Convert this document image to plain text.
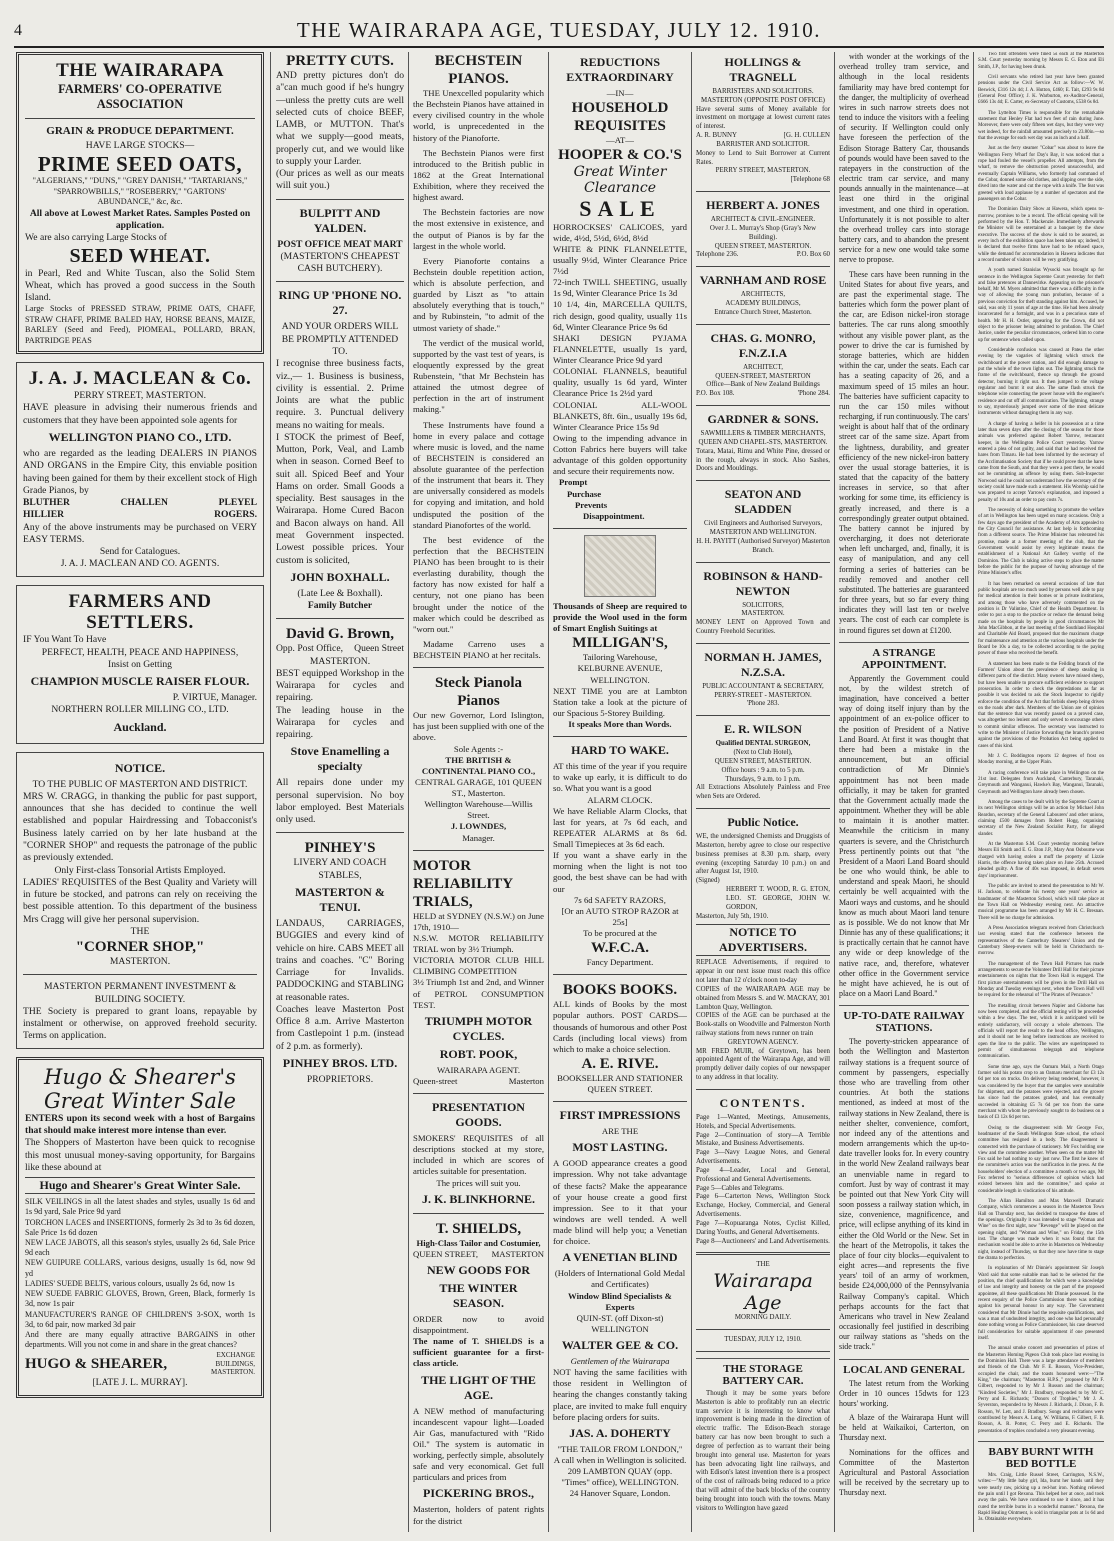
4	THE WAIRARAPA AGE, TUESDAY, JULY 12. 1910.
THE WAIRARAPA
FARMERS' CO-OPERATIVE ASSOCIATION
GRAIN & PRODUCE DEPARTMENT.
HAVE LARGE STOCKS—
PRIME SEED OATS,
"ALGERIANS," "DUNS," "GREY DANISH," "TARTARIANS," "SPARROWBILLS," "ROSEBERRY," "GARTONS' ABUNDANCE," &c, &c.
All above at Lowest Market Rates. Samples Posted on application.
We are also carrying Large Stocks of
SEED WHEAT.
in Pearl, Red and White Tuscan, also the Solid Stem Wheat, which has proved a good success in the South Island.
Large Stocks of PRESSED STRAW, PRIME OATS, CHAFF, STRAW CHAFF, PRIME BALED HAY, HORSE BEANS, MAIZE, BARLEY (Seed and Feed), PIOMEAL, POLLARD, BRAN, PARTRIDGE PEAS
J. A. J. MACLEAN & Co.
PERRY STREET, MASTERTON.
HAVE pleasure in advising their numerous friends and customers that they have been appointed sole agents for
WELLINGTON PIANO CO., LTD.
who are regarded as the leading DEALERS IN PIANOS AND ORGANS in the Empire City, this enviable position having been gained for them by their excellent stock of High Grade Pianos, by
BLUTHER	CHALLEN	PLEYEL
HILLIER	ROGERS.
Any of the above instruments may be purchased on VERY EASY TERMS.
Send for Catalogues.
J. A. J. MACLEAN AND CO. AGENTS.
FARMERS AND SETTLERS.
IF You Want To Have
PERFECT, HEALTH, PEACE AND HAPPINESS,
Insist on Getting
CHAMPION MUSCLE RAISER FLOUR.
P. VIRTUE, Manager.
NORTHERN ROLLER MILLING CO., LTD.
Auckland.
NOTICE.
TO THE PUBLIC OF MASTERTON AND DISTRICT.
MRS W. CRAGG, in thanking the public for past support, announces that she has decided to continue the well established and popular Hairdressing and Tobacconist's Business lately carried on by her late husband at the "CORNER SHOP" and requests the patronage of the public as previously extended.
Only First-class Tonsorial Artists Employed.
LADIES' REQUISITES of the Best Quality and Variety will in future be stocked, and patrons can rely on receiving the best possible attention. To this department of the business Mrs Cragg will give her personal supervision.
THE
"CORNER SHOP,"
MASTERTON.
MASTERTON PERMANENT INVESTMENT & BUILDING SOCIETY.
THE Society is prepared to grant loans, repayable by instalment or otherwise, on approved freehold security. Terms on application.
Hugo & Shearer's
Great Winter Sale
ENTERS upon its second week with a host of Bargains that should make interest more intense than ever.
The Shoppers of Masterton have been quick to recognise this most unusual money-saving opportunity, for Bargains like these abound at
Hugo and Shearer's Great Winter Sale.
SILK VEILINGS in all the latest shades and styles, usually 1s 6d and 1s 9d yard, Sale Price 9d yard
TORCHON LACES and INSERTIONS, formerly 2s 3d to 3s 6d dozen, Sale Price 1s 6d dozen
NEW LACE JABOTS, all this season's styles, usually 2s 6d, Sale Price 9d each
NEW GUIPURE COLLARS, various designs, usually 1s 6d, now 9d yd
LADIES' SUEDE BELTS, various colours, usually 2s 6d, now 1s
NEW SUEDE FABRIC GLOVES, Brown, Green, Black, formerly 1s 3d, now 1s pair
MANUFACTURER'S RANGE OF CHILDREN'S 3-SOX, worth 1s 3d, to 6d pair, now marked 3d pair
And there are many equally attractive BARGAINS in other departments. Will you not come in and share in the great chances?
HUGO & SHEARER,
EXCHANGE BUILDINGS, MASTERTON.
[LATE J. L. MURRAY].
PRETTY CUTS.
AND pretty pictures don't do a"can much good if he's hungry—unless the pretty cuts are well selected cuts of choice BEEF, LAMB, or MUTTON. That's what we supply—good meats, properly cut, and we would like to supply your Larder.
(Our prices as well as our meats will suit you.)
BULPITT AND YALDEN.
POST OFFICE MEAT MART
(MASTERTON'S CHEAPEST CASH BUTCHERY).
RING UP 'PHONE NO. 27.
AND YOUR ORDERS WILL BE PROMPTLY ATTENDED TO.
I recognise three business facts, viz.,— 1. Business is business, civility is essential. 2. Prime Joints are what the public require. 3. Punctual delivery means no waiting for meals.
I STOCK the primest of Beef, Mutton, Pork, Veal, and Lamb when in season. Corned Beef to suit all. Spiced Beef and Your Hams on order. Small Goods a speciality. Best sausages in the Wairarapa. Home Cured Bacon and Bacon always on hand. All meat Government inspected. Lowest possible prices. Your custom is solicited,
JOHN BOXHALL.
(Late Lee & Boxhall).
Family Butcher
David G. Brown,
Opp. Post Office, Queen Street
MASTERTON.
BEST equipped Workshop in the Wairarapa for cycles and repairing.
The leading house in the Wairarapa for cycles and repairing.
Stove Enamelling a specialty
All repairs done under my personal supervision. No boy labor employed. Best Materials only used.
PINHEY'S
LIVERY AND COACH STABLES,
MASTERTON & TENUI.
LANDAUS, CARRIAGES, BUGGIES and every kind of vehicle on hire. CABS MEET all trains and coaches. "C" Boring Carriage for Invalids. PADDOCKING and STABLING at reasonable rates.
Coaches leave Masterton Post Office 8 a.m. Arrive Masterton from Castlepoint 1 p.m. (instead of 2 p.m. as formerly).
PINHEY BROS. LTD.
PROPRIETORS.
BECHSTEIN PIANOS.
THE Unexcelled popularity which the Bechstein Pianos have attained in every civilised country in the whole world, is unprecedented in the history of the Pianoforte.
The Bechstein Pianos were first introduced to the British public in 1862 at the Great International Exhibition, where they received the highest award.
The Bechstein factories are now the most extensive in existence, and the output of Pianos is by far the largest in the whole world.
Every Pianoforte contains a Bechstein double repetition action, which is absolute perfection, and guarded by Liszt as "to attain absolutely everything that is touch," and by Rubinstein, "to admit of the utmost variety of shade."
The verdict of the musical world, supported by the vast test of years, is eloquently expressed by the great Rubenstein, "that Mr Bechstein has attained the utmost degree of perfection in the art of instrument making."
These Instruments have found a home in every palace and cottage where music is loved, and the name of BECHSTEIN is considered an absolute guarantee of the perfection of the instrument that bears it. They are universally considered as models for copying and imitation, and hold undisputed the position of the standard Pianofortes of the world.
The best evidence of the perfection that the BECHSTEIN PIANO has been brought to is their everlasting durability, though the factory has now existed for half a century, not one piano has been brought under the notice of the maker which could be described as "worn out."
Madame Carreno uses a BECHSTEIN PIANO at her recitals.
Steck Pianola Pianos
Our new Governor, Lord Islington, has just been supplied with one of the above.
Sole Agents :-
THE BRITISH & CONTINENTAL PIANO CO.,
CENTRAL GARAGE, 101 QUEEN ST., Masterton.
Wellington Warehouse—Willis Street.
J. LOWNDES,
Manager.
MOTOR
RELIABILITY
TRIALS,
HELD at SYDNEY (N.S.W.) on June 17th, 1910—
N.S.W. MOTOR RELIABILITY TRIAL won by 3½ Triumph.
VICTORIA MOTOR CLUB HILL CLIMBING COMPETITION
3½ Triumph 1st and 2nd, and Winner of PETROL CONSUMPTION TEST.
TRIUMPH MOTOR CYCLES.
ROBT. POOK,
WAIRARAPA AGENT.
Queen-street	Masterton
PRESENTATION GOODS.
SMOKERS' REQUISITES of all descriptions stocked at my store, included in which are scores of articles suitable for presentation.
The prices will suit you.
J. K. BLINKHORNE.
T. SHIELDS,
High-Class Tailor and Costumier,
QUEEN STREET, MASTERTON
NEW GOODS FOR
THE WINTER SEASON.
ORDER now to avoid disappointment.
The name of T. SHIELDS is a sufficient guarantee for a first-class article.
THE LIGHT OF THE AGE.
A NEW method of manufacturing incandescent vapour light—Loaded Air Gas, manufactured with "Rido Oil." The system is automatic in working, perfectly simple, absolutely safe and very economical. Get full particulars and prices from
PICKERING BROS.,
Masterton, holders of patent rights for the district
REDUCTIONS EXTRAORDINARY
—IN—
HOUSEHOLD
REQUISITES
—AT—
HOOPER & CO.'S
Great Winter Clearance
SALE
HORROCKSES' CALICOES, yard wide, 4½d, 5½d, 6½d, 8½d
WHITE & PINK FLANNELETTE, usually 9½d, Winter Clearance Price 7½d
72-inch TWILL SHEETING, usually 1s 9d, Winter Clearance Price 1s 3d
10 1/4, 4in, MARCELLA QUILTS, rich design, good quality, usually 11s 6d, Winter Clearance Price 9s 6d
SHAKI DESIGN PYJAMA FLANNELETTE, usually 1s yard, Winter Clearance Price 9d yard
COLONIAL FLANNELS, beautiful quality, usually 1s 6d yard, Winter Clearance Price 1s 2½d yard
COLONIAL ALL-WOOL BLANKETS, 8ft. 6in., usually 19s 6d, Winter Clearance Price 15s 9d
Owing to the impending advance in Cotton Fabrics here buyers will take advantage of this golden opportunity and secure their requirements now.
Prompt
Purchase
Prevents
Disappointment.
Thousands of Sheep are required to provide the Wool used in the form of Smart English Suitings at
MILLIGAN'S,
Tailoring Warehouse,
KELBURNE AVENUE,
WELLINGTON.
NEXT TIME you are at Lambton Station take a look at the picture of our Spacious 5-Storey Building.
It speaks More than Words.
HARD TO WAKE.
AT this time of the year if you require to wake up early, it is difficult to do so. What you want is a good
ALARM CLOCK.
We have Reliable Alarm Clocks, that last for years, at 7s 6d each, and REPEATER ALARMS at 8s 6d. Small Timepieces at 3s 6d each.
If you want a shave early in the morning when the light is not too good, the best shave can be had with our
7s 6d SAFETY RAZORS,
[Or an AUTO STROP RAZOR at 25s]
To be procured at the
W.F.C.A.
Fancy Department.
BOOKS BOOKS.
ALL kinds of Books by the most popular authors. POST CARDS—thousands of humorous and other Post Cards (including local views) from which to make a choice selection.
A. E. RIVE.
BOOKSELLER AND STATIONER
QUEEN STREET.
FIRST IMPRESSIONS
ARE THE
MOST LASTING.
A GOOD appearance creates a good impression. Why not take advantage of these facts? Make the appearance of your house create a good first impression. See to it that your windows are well tended. A well made blind will help you; a Venetian for choice.
A VENETIAN BLIND
(Holders of International Gold Medal and Certificates)
Window Blind Specialists & Experts
QUIN-ST. (off Dixon-st) WELLINGTON
WALTER GEE & CO.
Gentlemen of the Wairarapa
NOT having the same facilities with those resident in Wellington of hearing the changes constantly taking place, are invited to make full enquiry before placing orders for suits.
JAS. A. DOHERTY
"THE TAILOR FROM LONDON,"
A call when in Wellington is solicited.
209 LAMBTON QUAY (opp. "Times" office), WELLINGTON.
24 Hanover Square, London.
HOLLINGS & TRAGNELL
BARRISTERS AND SOLICITORS.
MASTERTON (OPPOSITE POST OFFICE)
Have several sums of Money available for investment on mortgage at lowest current rates of interest.
A. R. BUNNY	[G. H. CULLEN
BARRISTER AND SOLICITOR.
Money to Lend to Suit Borrower at Current Rates.
PERRY STREET, MASTERTON.
[Telephone 68
HERBERT A. JONES
ARCHITECT & CIVIL-ENGINEER.
Over J. L. Murray's Shop (Gray's New Building).
QUEEN STREET, MASTERTON.
Telephone 236.	P.O. Box 60
VARNHAM AND ROSE
ARCHITECTS,
ACADEMY BUILDINGS,
Entrance Church Street, Masterton.
CHAS. G. MONRO, F.N.Z.I.A
ARCHITECT,
QUEEN-STREET, MASTERTON
Office—Bank of New Zealand Buildings
P.O. Box 108.	'Phone 284.
GARDNER & SONS.
SAWMILLERS & TIMBER MERCHANTS,
QUEEN AND CHAPEL-STS, MASTERTON.
Totara, Matai, Rimu and White Pine, dressed or in the rough, always in stock. Also Sashes, Doors and Mouldings.
SEATON AND SLADDEN
Civil Engineers and Authorised Surveyors,
MASTERTON AND WELLINGTON.
H. H. PAYITT (Authorised Surveyor) Masterton Branch.
ROBINSON & HAND-NEWTON
SOLICITORS,
MASTERTON.
MONEY LENT on Approved Town and Country Freehold Securities.
NORMAN H. JAMES, N.Z.S.A.
PUBLIC ACCOUNTANT & SECRETARY,
PERRY-STREET - MASTERTON.
'Phone 283.
E. R. WILSON
Qualified DENTAL SURGEON,
(Next to Club Hotel),
QUEEN STREET, MASTERTON.
Office hours : 9 a.m. to 5 p.m.
Thursdays, 9 a.m. to 1 p.m.
All Extractions Absolutely Painless and Free when Sets are Ordered.
Public Notice.
WE, the undersigned Chemists and Druggists of Masterton, hereby agree to close our respective business premises at 8.30 p.m. sharp, every evening (excepting Saturday 10 p.m.) on and after August 1st, 1910.
(Signed)
HERBERT T. WOOD, R. G. ETON, LEO. ST. GEORGE, JOHN W. GORDON,
Masterton, July 5th, 1910.
NOTICE TO ADVERTISERS.
REPLACE Advertisements, if required to appear in our next issue must reach this office not later than 12 o'clock noon to-day
COPIES of the WAIRARAPA AGE may be obtained from Messrs S. and W. MACKAY, 301 Lambton Quay, Wellington.
COPIES of the AGE can be purchased at the Book-stalls on Woodville and Palmerston North railway stations from news runner on train
GREYTOWN AGENCY.
MR FRED MUIR, of Greytown, has been appointed Agent of the Wairarapa Age, and will promptly deliver daily copies of our newspaper to any address in that locality.
CONTENTS.
Page 1—Wanted, Meetings, Amusements, Hotels, and Special Advertisements.
Page 2—Continuation of story—A Terrible Mistake, and Business Advertisements.
Page 3—Navy League Notes, and General Advertisements.
Page 4—Leader, Local and General, Professional and General Advertisements.
Page 5—Cables and Telegrams.
Page 6—Carterton News, Wellington Stock Exchange, Hockey, Commercial, and General Advertisements.
Page 7—Kopuaranga Notes, Cyclist Killed, Daring Youths, and General Advertisements.
Page 8—Auctioneers' and Land Advertisements.
THE
Wairarapa Age
MORNING DAILY.
TUESDAY, JULY 12, 1910.
THE STORAGE BATTERY CAR.
Though it may be some years before Masterton is able to profitably run an electric tram service it is interesting to know what improvement is being made in the direction of electric traffic. The Edison-Beach storage battery car has now been brought to such a degree of perfection as to warrant their being brought into general use. Masterton for years has been advocating light line railways, and with Edison's latest invention there is a prospect of the cost of railroads being reduced to a price that will admit of the back blocks of the country being brought into touch with the towns. Many visitors to Wellington have gazed

with wonder at the workings of the overhead trolley tram service, and although in the local residents familiarity may have bred contempt for the danger, the multiplicity of overhead wires in such narrow streets does not tend to induce the visitors with a feeling of security. If Wellington could only have foreseen the perfection of the Edison Storage Battery Car, thousands of pounds would have been saved to the ratepayers in the construction of the electric tram car service, and many pounds annually in the maintenance—at least one third in the original investment, and one third in operation. Unfortunately it is not possible to alter the overhead trolley cars into storage battery cars, and to abandon the present service for a new one would take some nerve to propose.

These cars have been running in the United States for about five years, and are past the experimental stage. The batteries which form the power plant of the car, are Edison nickel-iron storage batteries. The car runs along smoothly without any visible power plant, as the power to drive the car is furnished by storage batteries, which are hidden within the car, under the seats. Each car has a seating capacity of 26, and a maximum speed of 15 miles an hour. The batteries have sufficient capacity to run the car 150 miles without recharging, if run continuously. The cars' weight is about half that of the ordinary street car of the same size. Apart from the lightness, durability, and greater efficiency of the new nickel-iron battery over the usual storage batteries, it is stated that the capacity of the battery increases in service, so that after working for some time, its efficiency is greatly increased, and there is a correspondingly greater output obtained. The battery cannot be injured by overcharging, it does not deteriorate when left uncharged, and, finally, it is easy of manipulation, and any cell forming a series of batteries can be readily removed and another cell substituted. The batteries are guaranteed for three years, but so far every thing indicates they will last ten or twelve years. The cost of each car complete is in round figures set down at £1200.

A STRANGE APPOINTMENT.

Apparently the Government could not, by the wildest stretch of imagination, have conceived a better way of doing itself injury than by the appointment of an ex-police officer to the position of President of a Native Land Board. At first it was thought that there had been a mistake in the announcement, but an official contradiction of Mr Dinnie's appointment has not been made officially, it may be taken for granted that the Government actually made the appointment. Whether they will be able to maintain it is another matter. Meanwhile the criticism in many quarters is severe, and the Christchurch Press pertinently points out that "the President of a Maori Land Board should be one who would think, be able to understand and speak Maori, he should certainly be well acquainted with the Maori ways and customs, and he should know as much about Maori land tenure as is possible. We do not know that Mr Dinnie has any of these qualifications; it is practically certain that he cannot have any wide or deep knowledge of the native race, and, therefore, whatever other office in the Government service he might have achieved, he is out of place on a Maori Land Board."

UP-TO-DATE RAILWAY STATIONS.

The poverty-stricken appearance of both the Wellington and Masterton railway stations is a frequent source of comment by passengers, especially those who are travelling from other countries. At both the stations mentioned, as indeed at most of the railway stations in New Zealand, there is neither shelter, convenience, comfort, nor indeed any of the attentions and modern arrangements which the up-to-date traveller looks for. In every country in the world New Zealand railways bear an unenviable name in regard to comfort. Just by way of contrast it may be pointed out that New York City will soon possess a railway station which, in size, convenience, magnificence, and price, will eclipse anything of its kind in either the Old World or the New. Set in the heart of the Metropolis, it takes the place of four city blocks—equivalent to eight acres—and represents the five years' toil of an army of workmen, beside £24,000,000 of the Pennsylvania Railway Company's capital. Which perhaps accounts for the fact that Americans who travel in New Zealand occasionally feel justified in describing our railway stations as "sheds on the side track."

LOCAL AND GENERAL

The latest return from the Working Order in 10 ounces 15dwts for 123 hours' working.

A blaze of the Wairarapa Hunt will be held at Waikaikoi, Carterton, on Thursday next.

Nominations for the offices and Committee of the Masterton Agricultural and Pastoral Association will be received by the secretary up to Thursday next.

Two first offenders were fined 5s each at the Masterton S.M. Court yesterday morning by Messrs E. G. Eton and Eli Smith, J.P., for having been drunk.

Civil servants who retired last year have been granted pensions under the Civil Service Act as follow:—W. W. Beswick, £316 12s 4d; J. A. Hutton, £460; E. Tait, £293 9s 8d (General Post Office); J. K. Warburton, ex-Auditor-General, £666 13s 4d; E. Carter, ex-Secretary of Customs, £538 6s 8d.

The Lyttelton Times is responsible for the remarkable statement that Henley Flat had two feet of rain during June. Moreover, there were only fifteen wet days, but they were very wet indeed, for the rainfall amounted precisely to 23.80in.—so that the average for each wet day was an inch and a half.

Just as the ferry steamer "Cobar" was about to leave the Wellington Ferry Wharf for Day's Bay, it was noticed that a rope had fouled the vessel's propeller. All attempts, from the wharf, to remove the obstruction proved unsuccessful, and eventually Captain Williams, who formerly had command of the Cobar, donned some old clothes, and slipping over the side, dived into the water and cut the rope with a knife. The feat was greeted with loud applause by a number of spectators and the passengers on the Cobar.

The Dominion Dairy Show at Hawera, which opens to-morrow, promises to be a record. The official opening will be performed by the Hon. T. Mackenzie. Immediately afterwards the Minister will be entertained at a banquet by the show executive. The success of the show is said to be assured, as every inch of the exhibition space has been taken up; indeed, it is declared that twelve firms have had to be refused space, while the demand for accommodation in Hawera indicates that a record number of visitors will be very gratifying.

A youth named Stanislas Wysocki was brought up for sentence in the Wellington Supreme Court yesterday for theft and false pretences at Dannevirke. Appearing on the prisoner's behalf, Mr M. Myers admitted that there was a difficulty in the way of allowing the young man probation, because of a previous conviction for theft standing against him. Accused, he said, was only 11 years of age at the time. He had been already incarcerated for a fortnight, and was in a precarious state of health. Mr H. H. Ostler, appearing for the Crown, did not object to the prisoner being admitted to probation. The Chief Justice, under the peculiar circumstances, ordered him to come up for sentence when called upon.

Considerable confusion was caused at Patea the other evening by the vagaries of lightning which struck the switchboard at the power station, and did enough damage to put the whole of the town lights out. The lightning struck the frame of the switchboard, thence up through the ground detector, burning it right out. It then jumped to the voltage regulator and burnt it out also. The same flash struck the telephone wire connecting the power house with the engineer's residence and cut off all communication. The lightning, strange to say, mysteriously jumped over some of the most delicate instruments without damaging them in any way.

A charge of having a heifer in his possession at a time later than seven days after the closing of the season for those animals was preferred against Robert Yarrow, restaurant keeper, in the Wellington Police Court yesterday. Yarrow entered a plea of not guilty, and said that he had received the hares from Timaru. He had been informed by the secretary of the Acclimatisation Society that if he could prove that the hares came from the South, and that they were a pest there, he would not be committing an offence by using them. Sub-Inspector Norwood said he could not understand how the secretary of the society could have made such a statement. His Worship said he was prepared to accept Yarrow's explanation, and imposed a penalty of 10s and an order to pay costs 7s.

The necessity of doing something to promote the welfare of art in Wellington has been urged on many occasions. Only a few days ago the president of the Academy of Arts appealed to the City Council for assistance. At last help is forthcoming from a different source. The Prime Minister has reiterated his promise, made at a former meeting of the club, that the Government would assist by every legitimate means the establishment of a National Art Gallery worthy of the Dominion. The Club is taking active steps to place the matter before the public for the purpose of having advantage of the Prime Minister's offer.

It has been remarked on several occasions of late that public hospitals are too much used by persons well able to pay for medical attention in their homes or in private institutions, and among those who have adversely commented on the position is Dr Valintine, Chief of the Health Department. In order to put a stop to the practice or reduce the demand being made on the hospitals by people in good circumstances Mr John MacGibbon, at the last meeting of the Southland Hospital and Charitable Aid Board, proposed that the maximum charge for maintenance and attention at the various hospitals under the Board be 10s a day, to be collected according to the paying power of those who received the benefit.

A statement has been made to the Feilding branch of the Farmers' Union about the prevalence of sheep stealing in different parts of the district. Many owners have missed sheep, but have been unable to procure sufficient evidence to support prosecution. In order to check the depredations as far as possible it was decided to ask the Stock Inspector to rigidly enforce the condition of the Act that forbids sheep being driven on the roads after dark. Members of the Union are of opinion that the sentence that was recently passed on a proved case, was altogether too lenient and only served to encourage others to commit similar offences. The secretary was instructed to write to the Minister of Justice forwarding the branch's protest against the provisions of the Probation Act being applied to cases of this kind.

Mr J. C. Boddington reports 12 degrees of frost on Monday morning, at the Upper Plain.

A racing conference will take place in Wellington on the 21st inst. Delegates from Auckland, Canterbury, Taranaki, Greymouth and Wanganui, Hawke's Bay, Wanganui, Taranaki, Greymouth and Wellington have already been chosen.

Among the cases to be dealt with by the Supreme Court at its next Wellington sittings will be an action by Michael John Reardon, secretary of the General Labourers' and other unions, claiming £500 damages from Robert Hogg, organising secretary of the New Zealand Socialist Party, for alleged slander.

At the Masterton S.M. Court yesterday morning before Messrs Eli Smith and E. G. Eton J.P., Mary Ann Osbourne was charged with having stolen a muff the property of Lizzie Harris, the offence having taken place on June 25th. Accused pleaded guilty. A fine of 40s was imposed, in default seven days' imprisonment.

The public are invited to attend the presentation to Mr W. H. Jackson, to celebrate his twenty one years' service as bandmaster of the Masterton School, which will take place at the Town Hall on Wednesday evening next. An attractive musical programme has been arranged by Mr H. C. Bresnan. There will be no charge for admission.

A Press Association telegram received from Christchurch last evening stated that the conference between the representatives of the Canterbury Shearers' Union and the Canterbury Sheep-owners will be held in Christchurch to-morrow.

The management of the Town Hall Pictures has made arrangements to secure the Volunteer Drill Hall for their picture entertainments on nights that the Town Hall is engaged. The first picture entertainments will be given in the Drill Hall on Monday and Tuesday evenings next, when the Town Hall will be required for the rehearsal of "The Pirates of Penzance."

The metalling circuit between Napier and Gisborne has now been completed, and the official testing will be proceeded within a few days. The test, which it is anticipated will be entirely satisfactory, will occupy a whole afternoon. The officials will report the result to the head office, Wellington, and it should not be long before instructions are received to open the line to the public. The wires are superimposed to permit of simultaneous telegraph and telephone communication.

Some time ago, says the Oamaru Mail, a North Otago farmer sold his potato crop to an Oamaru merchant for £3 12s 6d per ton on trucks. On delivery being tendered, however, it was considered by the buyer that the samples were unsuitable for shipment, and the potatoes were rejected, and the grower has since had the potatoes graded, and has eventually succeeded in obtaining £5 7s 6d per ton from the same merchant with whom he previously sought to do business on a basis of £3 12s 6d per ton.

Owing to the disagreement with Mr George Fox, headmaster of the South Wellington State school, the school committee has resigned in a body. The disagreement is connected with the purchase of stationery. Mr Fox holding one view and the committee another. When seen on the matter Mr Fox said he had nothing to say just now. The first he knew of the committee's action was the notification in the press. At the householders' election of a committee a month or two ago, Mr Fox referred to "serious differences of opinion which had existed between him and the committee," and spoke at considerable length in vindication of his attitude.

The Allan Hamilton and Max Maxwell Dramatic Company, which commences a season in the Masterton Town Hall on Thursday next, has decided to transpose the dates of the openings. Originally it was intended to stage "Woman and Wine" on the first night, now "Revenge" will be played on the opening night, and "Woman and Wine," on Friday, the 15th inst. The change was made when it was found that the mechanism would be able to arrive in Masterton on Wednesday night, instead of Thursday, so that they now have time to stage the drama to perfection.

In explanation of Mr Dinnie's appointment Sir Joseph Ward said that some suitable man had to be selected for the position, the chief qualifications for which were a knowledge of law and integrity and honesty on the part of the proposed appointee, all these qualifications Mr Dinnie possessed. In the recent enquiry of the Police Commission there was nothing against his personal honour in any way. The Government considered that Mr Dinnie had the requisite qualifications, and was a man of undoubted integrity, and one who had personally done nothing wrong as Police Commissioner, his case deserved full consideration for suitable appointment if one presented itself.

The annual smoke concert and presentation of prizes of the Masterton Homing Pigeon Club took place last evening in the Dominion Hall. There was a large attendance of members and friends of the Club. Mr F. E. Rosson, Vice-President, occupied the chair, and the toasts honoured were:—"The King," the chairman; "Masterton H.P.S.," proposed by Mr F. Gilbert, responded to by Mr J. Russon and the chairman; "Kindred Societies," Mr J. Bradbury, responded to by Mr C. Perry and E. Richards; "Donors of Trophies," Mr J. A. Syverston, responded to by Messrs J. Richards, J. Dixon, F. B. Rosson, W. Lett, and J. Bradbury. Songs and recitations were contributed by Messrs A. Long, W. Williams, F. Gilbert, F. B. Rosson, A. R. Potter, C. Perry and E. Richards. The presentation of trophies concluded a very pleasant evening.

BABY BURNT WITH BED BOTTLE

Mrs. Craig, Little Russel Street, Carrington, N.S.W., writes:—"My little baby girl, Ida, burnt her hands until they were nearly raw, picking up a red-hot iron. Nothing relieved the pain until I got Rexona. This helped her at once, and took away the pain. We have continued to use it since, and it has cured the terrible burns in a wonderful manner." Rexona, the Rapid Healing Ointment, is sold in triangular pots at 1s 6d and 3s. Obtainable everywhere.
